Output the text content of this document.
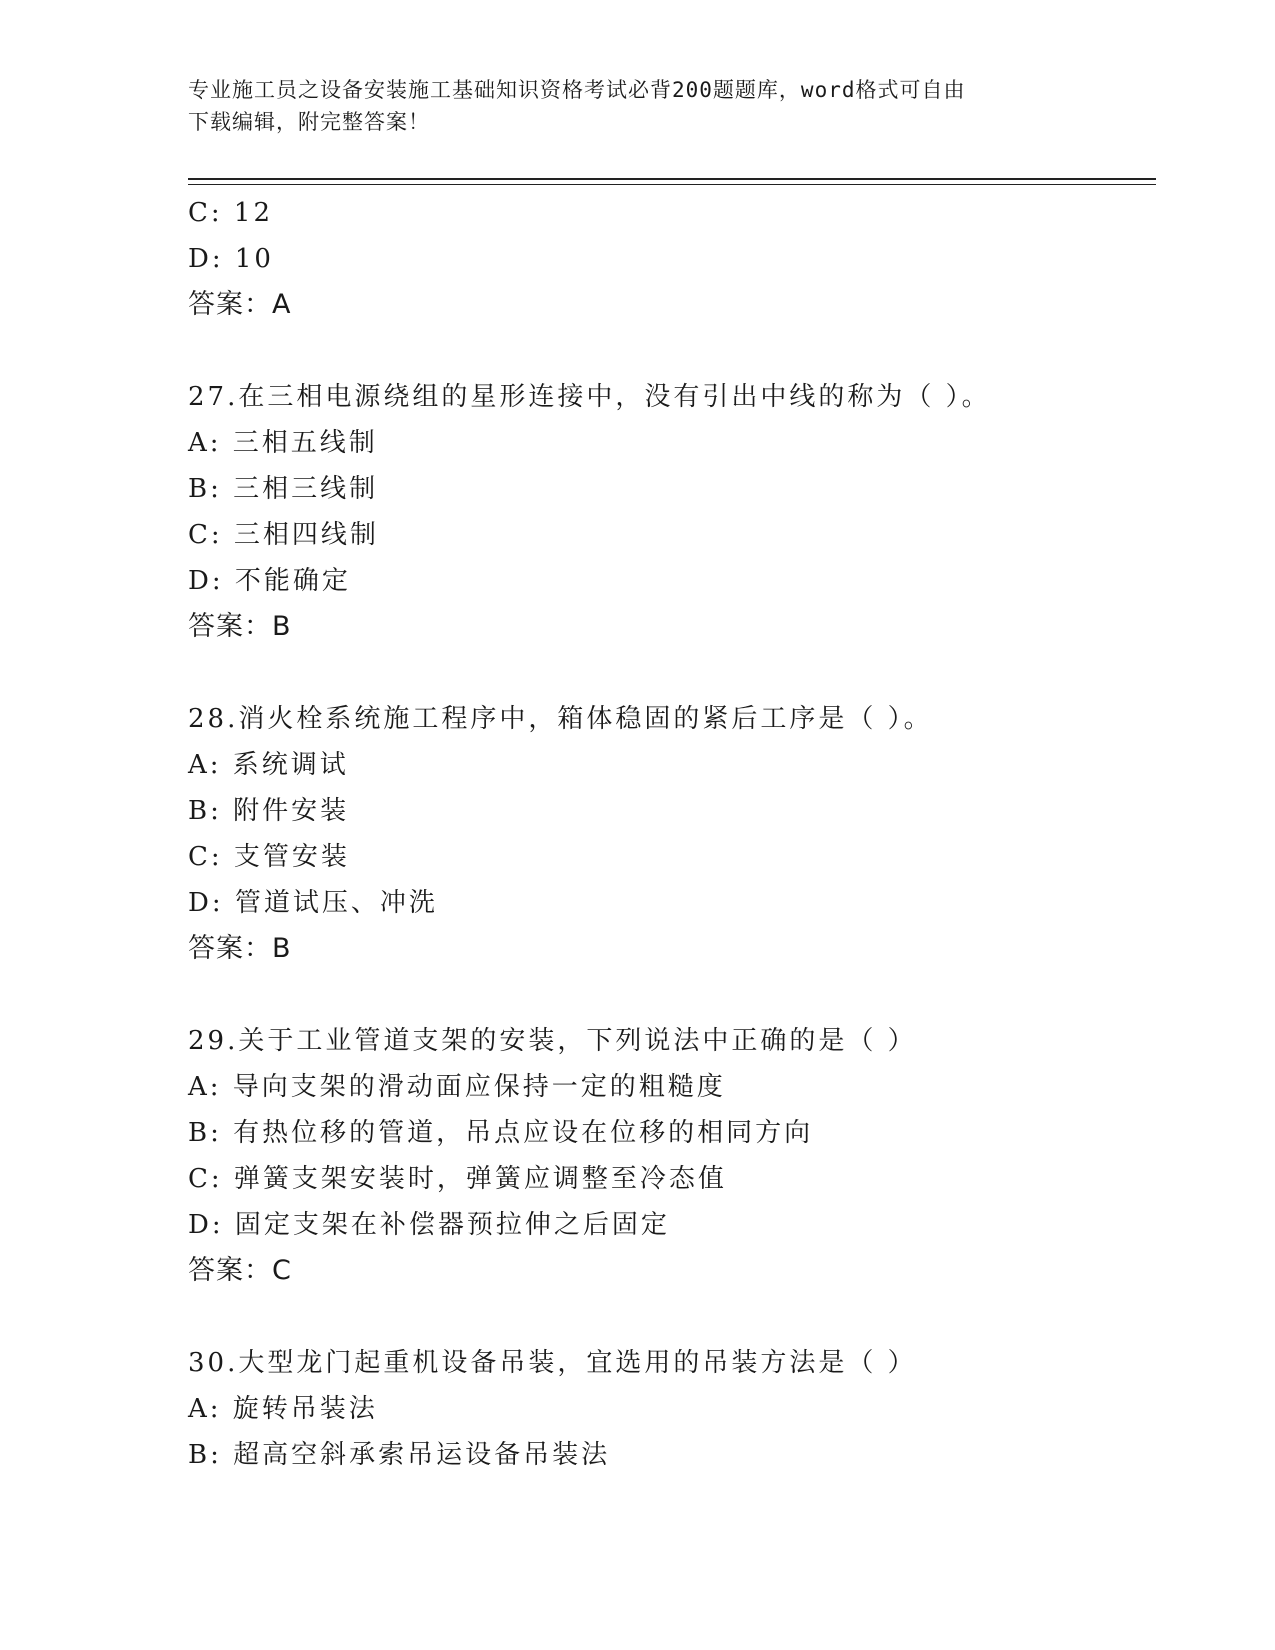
专业施工员之设备安装施工基础知识资格考试必背200题题库，word格式可自由
下载编辑，附完整答案！
C: 12
D: 10
答案：A
27.在三相电源绕组的星形连接中，没有引出中线的称为（ ）。
A: 三相五线制
B: 三相三线制
C: 三相四线制
D: 不能确定
答案：B
28.消火栓系统施工程序中，箱体稳固的紧后工序是（ ）。
A: 系统调试
B: 附件安装
C: 支管安装
D: 管道试压、冲洗
答案：B
29.关于工业管道支架的安装，下列说法中正确的是（ ）
A: 导向支架的滑动面应保持一定的粗糙度
B: 有热位移的管道，吊点应设在位移的相同方向
C: 弹簧支架安装时，弹簧应调整至冷态值
D: 固定支架在补偿器预拉伸之后固定
答案：C
30.大型龙门起重机设备吊装，宜选用的吊装方法是（ ）
A: 旋转吊装法
B: 超高空斜承索吊运设备吊装法
